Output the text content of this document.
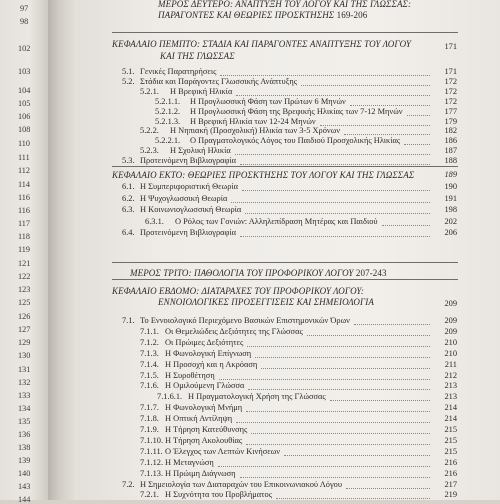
97
98
102
103
104
105
106
108
110
111
112
114
116
116
117
118
119
121
122
123
125
126
127
129
130
131
132
133
134
135
136
138
139
140
143
144
ΜΕΡΟΣ ΔΕΥΤΕΡΟ: ΑΝΑΠΤΥΞΗ ΤΟΥ ΛΟΓΟΥ ΚΑΙ ΤΗΣ ΓΛΩΣΣΑΣ:
ΠΑΡΑΓΟΝΤΕΣ ΚΑΙ ΘΕΩΡΙΕΣ ΠΡΟΣΚΤΗΣΗΣ 169-206
ΚΕΦΑΛΑΙΟ ΠΕΜΠΤΟ: ΣΤΑΔΙΑ ΚΑΙ ΠΑΡΑΓΟΝΤΕΣ ΑΝΑΠΤΥΞΗΣ ΤΟΥ ΛΟΓΟΥ
ΚΑΙ ΤΗΣ ΓΛΩΣΣΑΣ
171
5.1. Γενικές Παρατηρήσεις	171
5.2. Στάδια και Παράγοντες Γλωσσικής Ανάπτυξης	172
5.2.1. Η Βρεφική Ηλικία	172
5.2.1.1. Η Προγλωσσική Φάση των Πρώτων 6 Μηνών	172
5.2.1.2. Η Προγλωσσική Φάση της Βρεφικής Ηλικίας των 7-12 Μηνών	177
5.2.1.3. Η Βρεφική Ηλικία των 12-24 Μηνών	179
5.2.2. Η Νηπιακή (Προσχολική) Ηλικία των 3-5 Χρόνων	182
5.2.2.1. Ο Πραγματολογικός Λόγος του Παιδιού Προσχολικής Ηλικίας	186
5.2.3. Η Σχολική Ηλικία	187
5.3. Προτεινόμενη Βιβλιογραφία	188
ΚΕΦΑΛΑΙΟ ΕΚΤΟ: ΘΕΩΡΙΕΣ ΠΡΟΣΚΤΗΣΗΣ ΤΟΥ ΛΟΓΟΥ ΚΑΙ ΤΗΣ ΓΛΩΣΣΑΣ	189
6.1. Η Συμπεριφοριστική Θεωρία	190
6.2. Η Ψυχογλωσσική Θεωρία	191
6.3. Η Κοινωνιογλωσσική Θεωρία	198
6.3.1. Ο Ρόλος των Γονιών: Αλληλεπίδραση Μητέρας και Παιδιού	202
6.4. Προτεινόμενη Βιβλιογραφία	206
ΜΕΡΟΣ ΤΡΙΤΟ: ΠΑΘΟΛΟΓΙΑ ΤΟΥ ΠΡΟΦΟΡΙΚΟΥ ΛΟΓΟΥ 207-243
ΚΕΦΑΛΑΙΟ ΕΒΔΟΜΟ: ΔΙΑΤΑΡΑΧΕΣ ΤΟΥ ΠΡΟΦΟΡΙΚΟΥ ΛΟΓΟΥ:
ΕΝΝΟΙΟΛΟΓΙΚΕΣ ΠΡΟΣΕΓΓΙΣΕΙΣ ΚΑΙ ΣΗΜΕΙΟΛΟΓΙΑ	209
7.1. Το Εννοιολογικό Περιεχόμενο Βασικών Επιστημονικών Όρων	209
7.1.1. Οι Θεμελιώδεις Δεξιότητες της Γλώσσας	209
7.1.2. Οι Πρώιμες Δεξιότητες	210
7.1.3. Η Φωνολογική Επίγνωση	210
7.1.4. Η Προσοχή και η Ακρόαση	211
7.1.5. Η Συροθέτηση	212
7.1.6. Η Ομιλούμενη Γλώσσα	213
7.1.6.1. Η Πραγματολογική Χρήση της Γλώσσας	213
7.1.7. Η Φωνολογική Μνήμη	214
7.1.8. Η Οπτική Αντίληψη	214
7.1.9. Η Τήρηση Κατεύθυνσης	215
7.1.10. Η Τήρηση Ακολουθίας	215
7.1.11. Ο Έλεγχος των Λεπτών Κινήσεων	215
7.1.12. Η Μεταγνώση	216
7.1.13. Η Πρώιμη Διάγνωση	216
7.2. Η Σημειολογία των Διαταραχών του Επικοινωνιακού Λόγου	217
7.2.1. Η Συχνότητα του Προβλήματος	219
